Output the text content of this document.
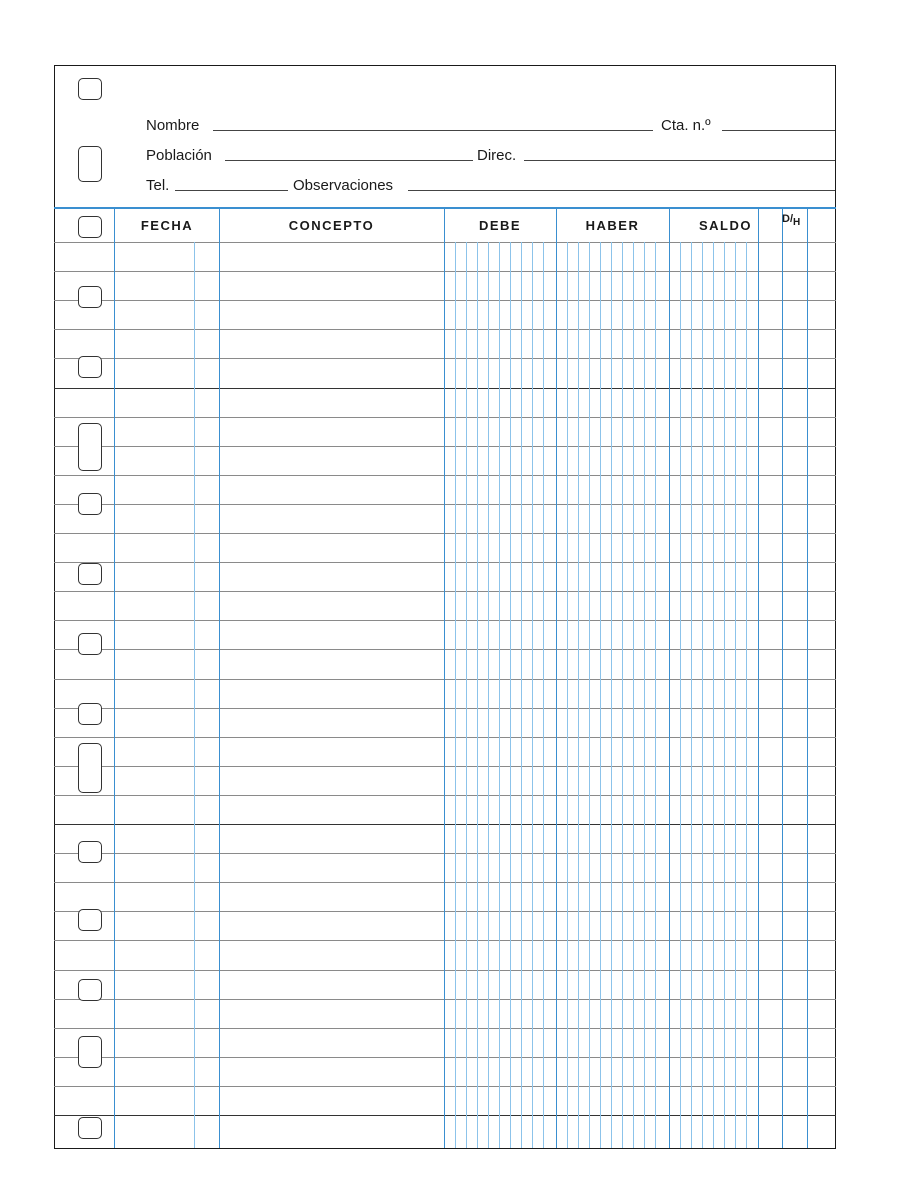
Nombre	Cta. n.º
Población	Direc.
Tel.	Observaciones
FECHA	CONCEPTO	DEBE	HABER	SALDO	$D/_H$
